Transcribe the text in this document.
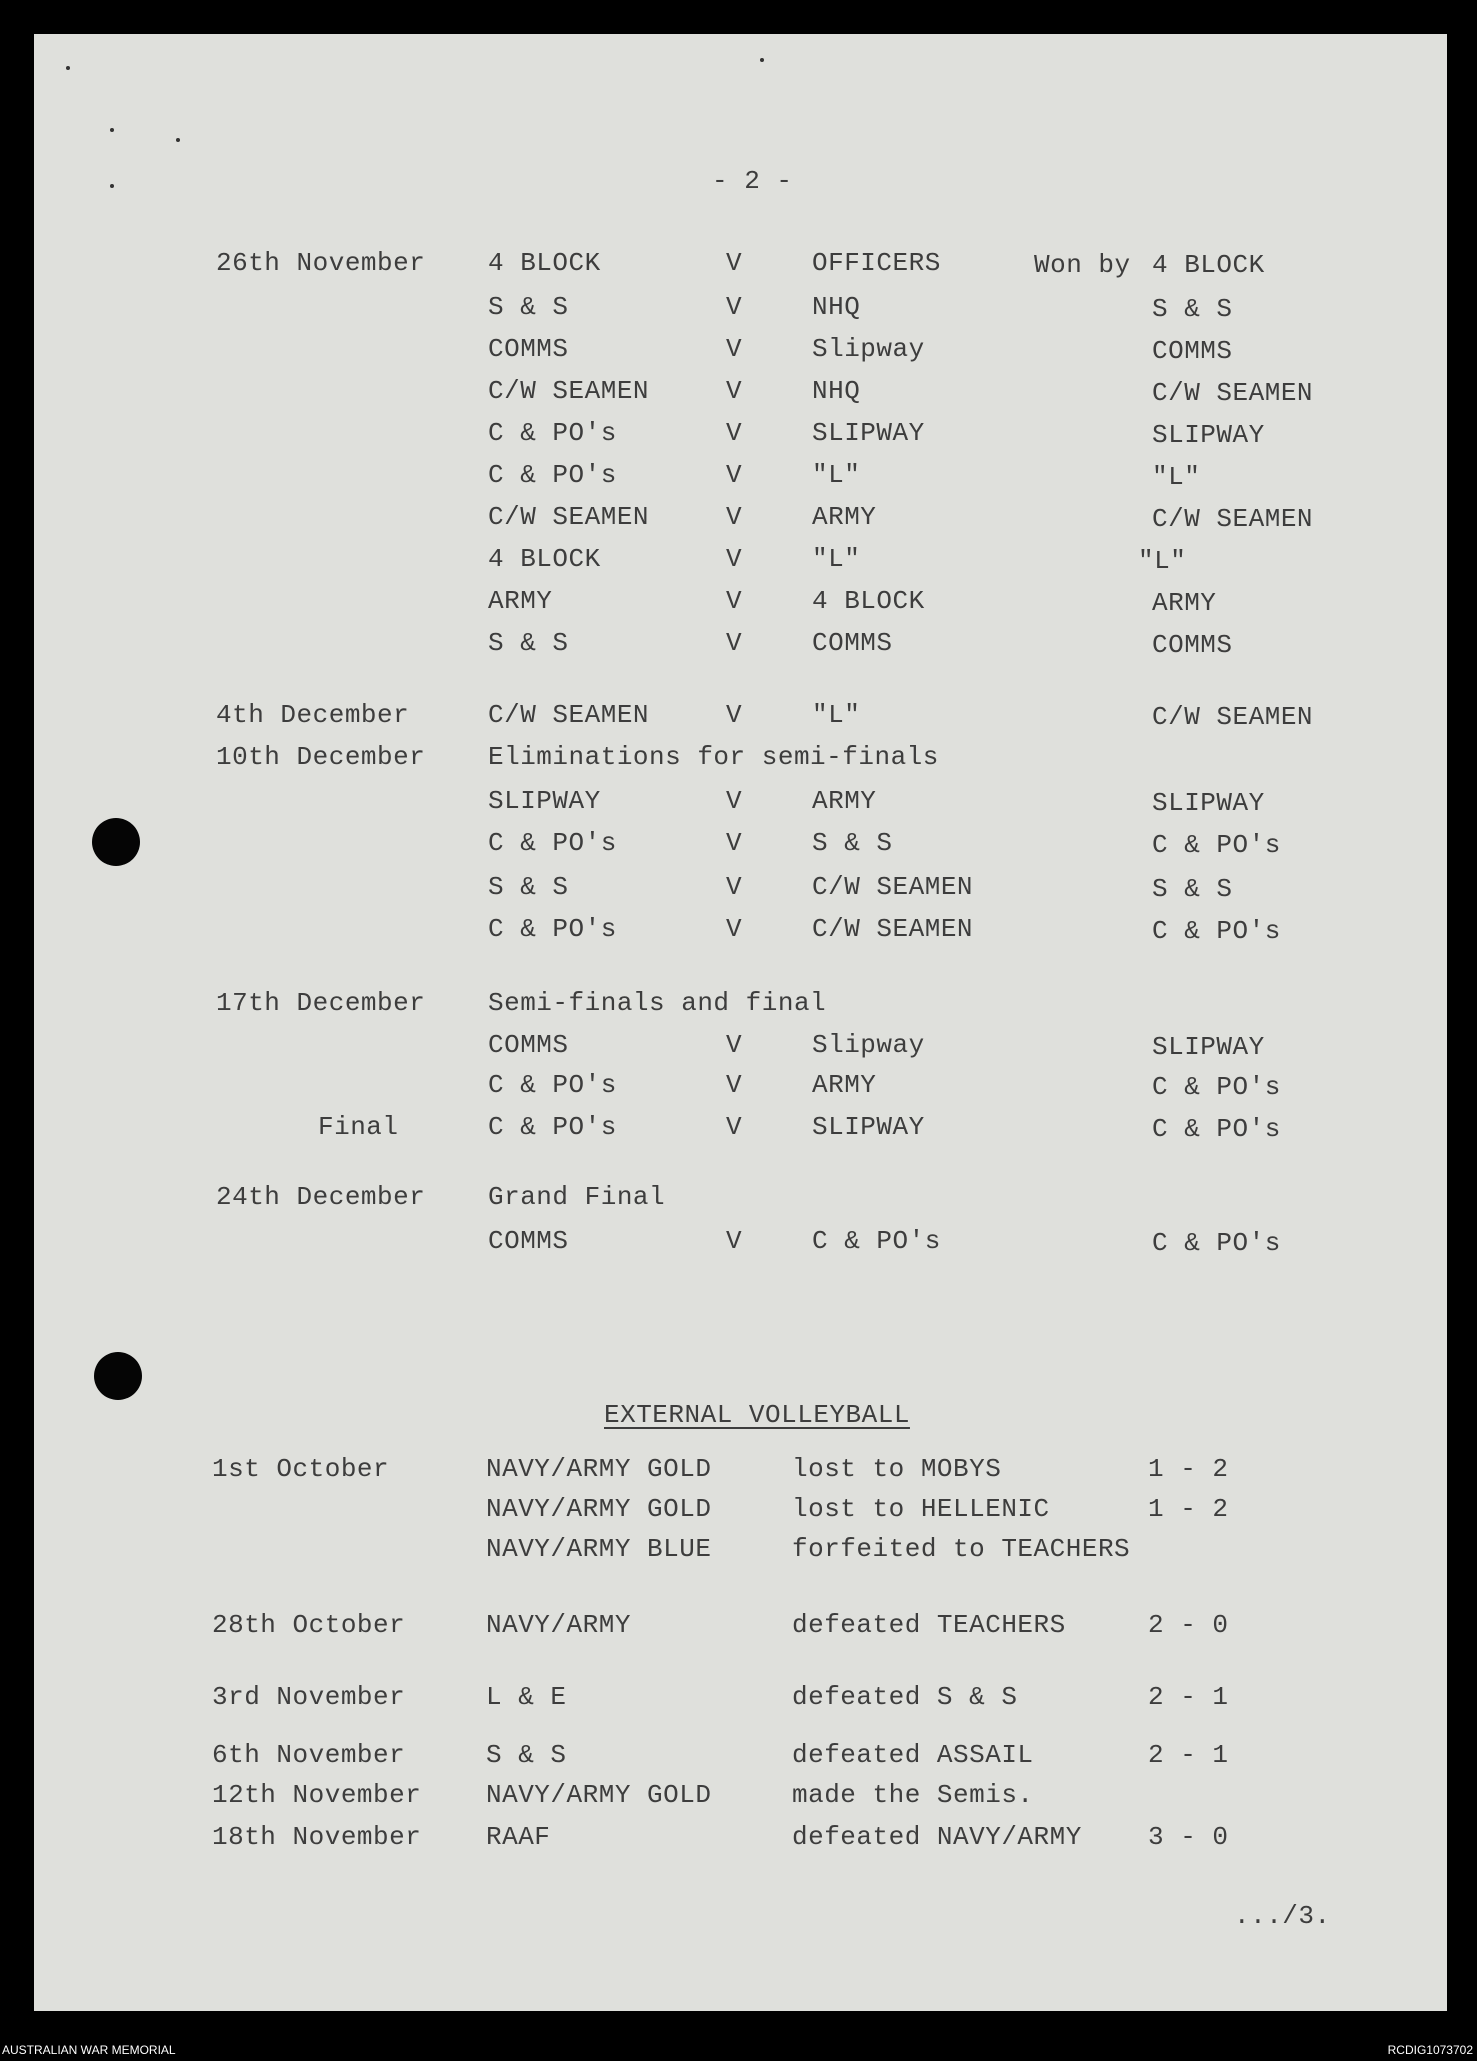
- 2 -
26th November 4 BLOCK	V	OFFICERS	Won by 4 BLOCK
S & S	V	NHQ	S & S
COMMS	V	Slipway	COMMS
C/W SEAMEN	V	NHQ	C/W SEAMEN
C & PO's	V	SLIPWAY	SLIPWAY
C & PO's	V	"L"	"L"
C/W SEAMEN	V	ARMY	C/W SEAMEN
4 BLOCK	V	"L"	"L"
ARMY	V	4 BLOCK	ARMY
S & S	V	COMMS	COMMS
4th December	C/W SEAMEN	V	"L"	C/W SEAMEN
10th December Eliminations for semi-finals
SLIPWAY	V	ARMY	SLIPWAY
C & PO's	V	S & S	C & PO's
S & S	V	C/W SEAMEN	S & S
C & PO's	V	C/W SEAMEN	C & PO's
17th December Semi-finals and final
COMMS	V	Slipway	SLIPWAY
C & PO's	V	ARMY	C & PO's
Final	C & PO's	V	SLIPWAY	C & PO's
24th December Grand Final
COMMS	V	C & PO's	C & PO's
EXTERNAL VOLLEYBALL
1st October	NAVY/ARMY GOLD	lost to MOBYS	1 - 2
NAVY/ARMY GOLD	lost to HELLENIC	1 - 2
NAVY/ARMY BLUE	forfeited to TEACHERS
28th October	NAVY/ARMY	defeated TEACHERS	2 - 0
3rd November	L & E	defeated S & S	2 - 1
6th November	S & S	defeated ASSAIL	2 - 1
12th November NAVY/ARMY GOLD	made the Semis.
18th November RAAF	defeated NAVY/ARMY	3 - 0
.../3.
AUSTRALIAN WAR MEMORIAL	RCDIG1073702
